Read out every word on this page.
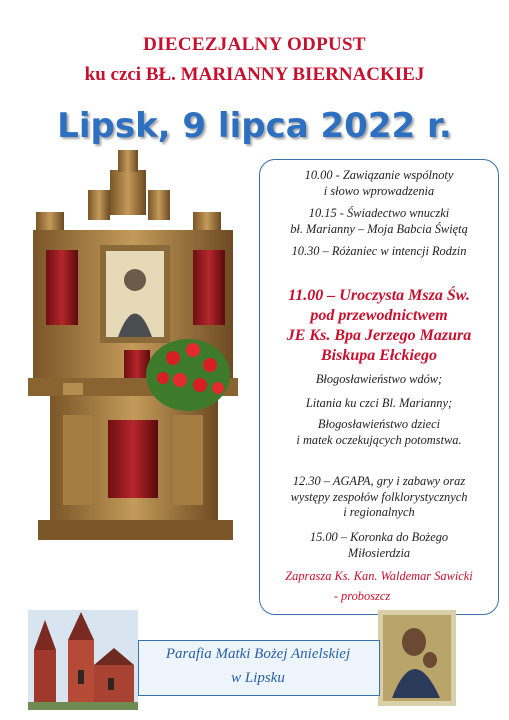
DIECEZJALNY ODPUST
ku czci BŁ. MARIANNY BIERNACKIEJ
Lipsk, 9 lipca 2022 r.
10.00 - Zawiązanie wspólnoty
i słowo wprowadzenia
10.15 - Świadectwo wnuczki
bł. Marianny – Moja Babcia Świętą
10.30 – Różaniec w intencji Rodzin
11.00 – Uroczysta Msza Św.
pod przewodnictwem
JE Ks. Bpa Jerzego Mazura
Biskupa Ełckiego
Błogosławieństwo wdów;
Litania ku czci Bl. Marianny;
Błogosławieństwo dzieci
i matek oczekujących potomstwa.
12.30 – AGAPA, gry i zabawy oraz
występy zespołów folklorystycznych
i regionalnych
15.00 – Koronka do Bożego
Miłosierdzia
Zaprasza Ks. Kan. Waldemar Sawicki
- proboszcz
Parafia Matki Bożej Anielskiej
w Lipsku
